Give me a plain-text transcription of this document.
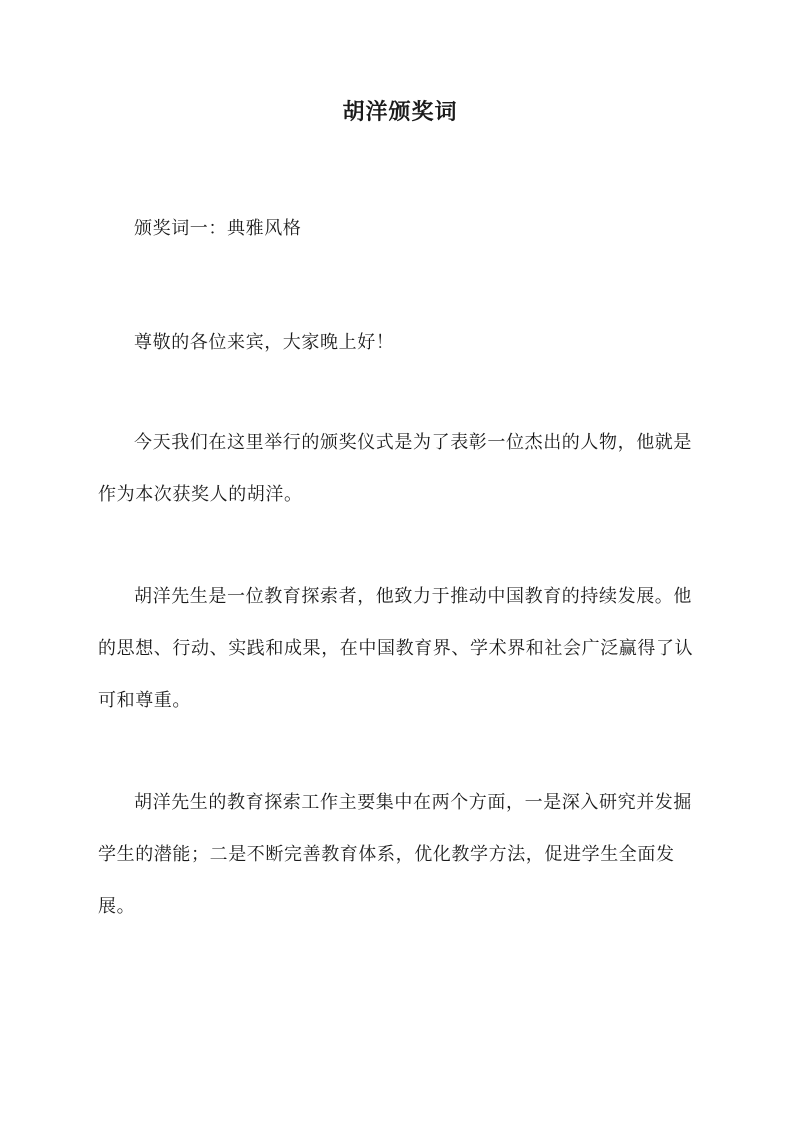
胡洋颁奖词

颁奖词一：典雅风格

尊敬的各位来宾，大家晚上好！

今天我们在这里举行的颁奖仪式是为了表彰一位杰出的人物，他就是作为本次获奖人的胡洋。

胡洋先生是一位教育探索者，他致力于推动中国教育的持续发展。他的思想、行动、实践和成果，在中国教育界、学术界和社会广泛赢得了认可和尊重。

胡洋先生的教育探索工作主要集中在两个方面，一是深入研究并发掘学生的潜能；二是不断完善教育体系，优化教学方法，促进学生全面发展。
